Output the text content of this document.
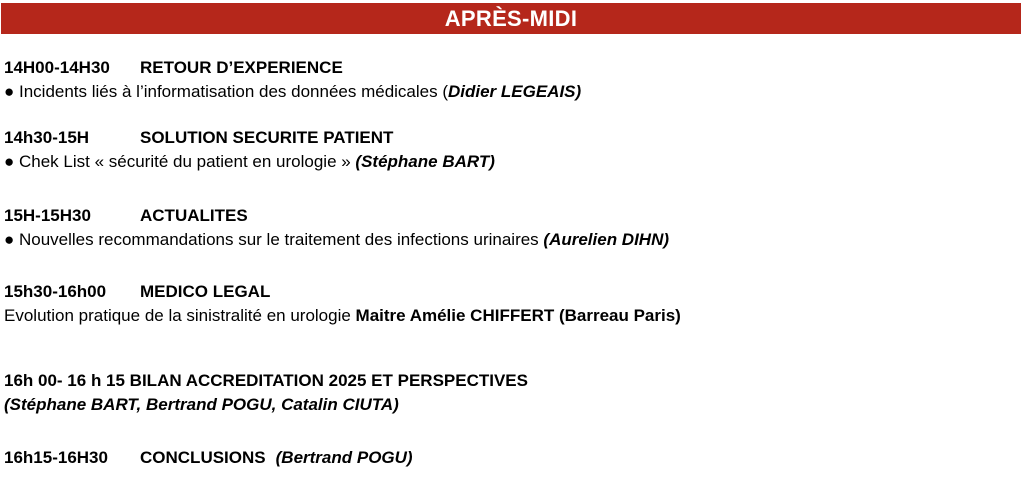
APRÈS-MIDI
14H00-14H30 RETOUR D’EXPERIENCE
● Incidents liés à l’informatisation des données médicales (Didier LEGEAIS)
14h30-15H	SOLUTION SECURITE PATIENT
● Chek List « sécurité du patient en urologie » (Stéphane BART)
15H-15H30	ACTUALITES
● Nouvelles recommandations sur le traitement des infections urinaires (Aurelien DIHN)
15h30-16h00 MEDICO LEGAL
Evolution pratique de la sinistralité en urologie Maitre Amélie CHIFFERT (Barreau Paris)
16h 00- 16 h 15 BILAN ACCREDITATION 2025 ET PERSPECTIVES
(Stéphane BART, Bertrand POGU, Catalin CIUTA)
16h15-16H30 CONCLUSIONS (Bertrand POGU)
